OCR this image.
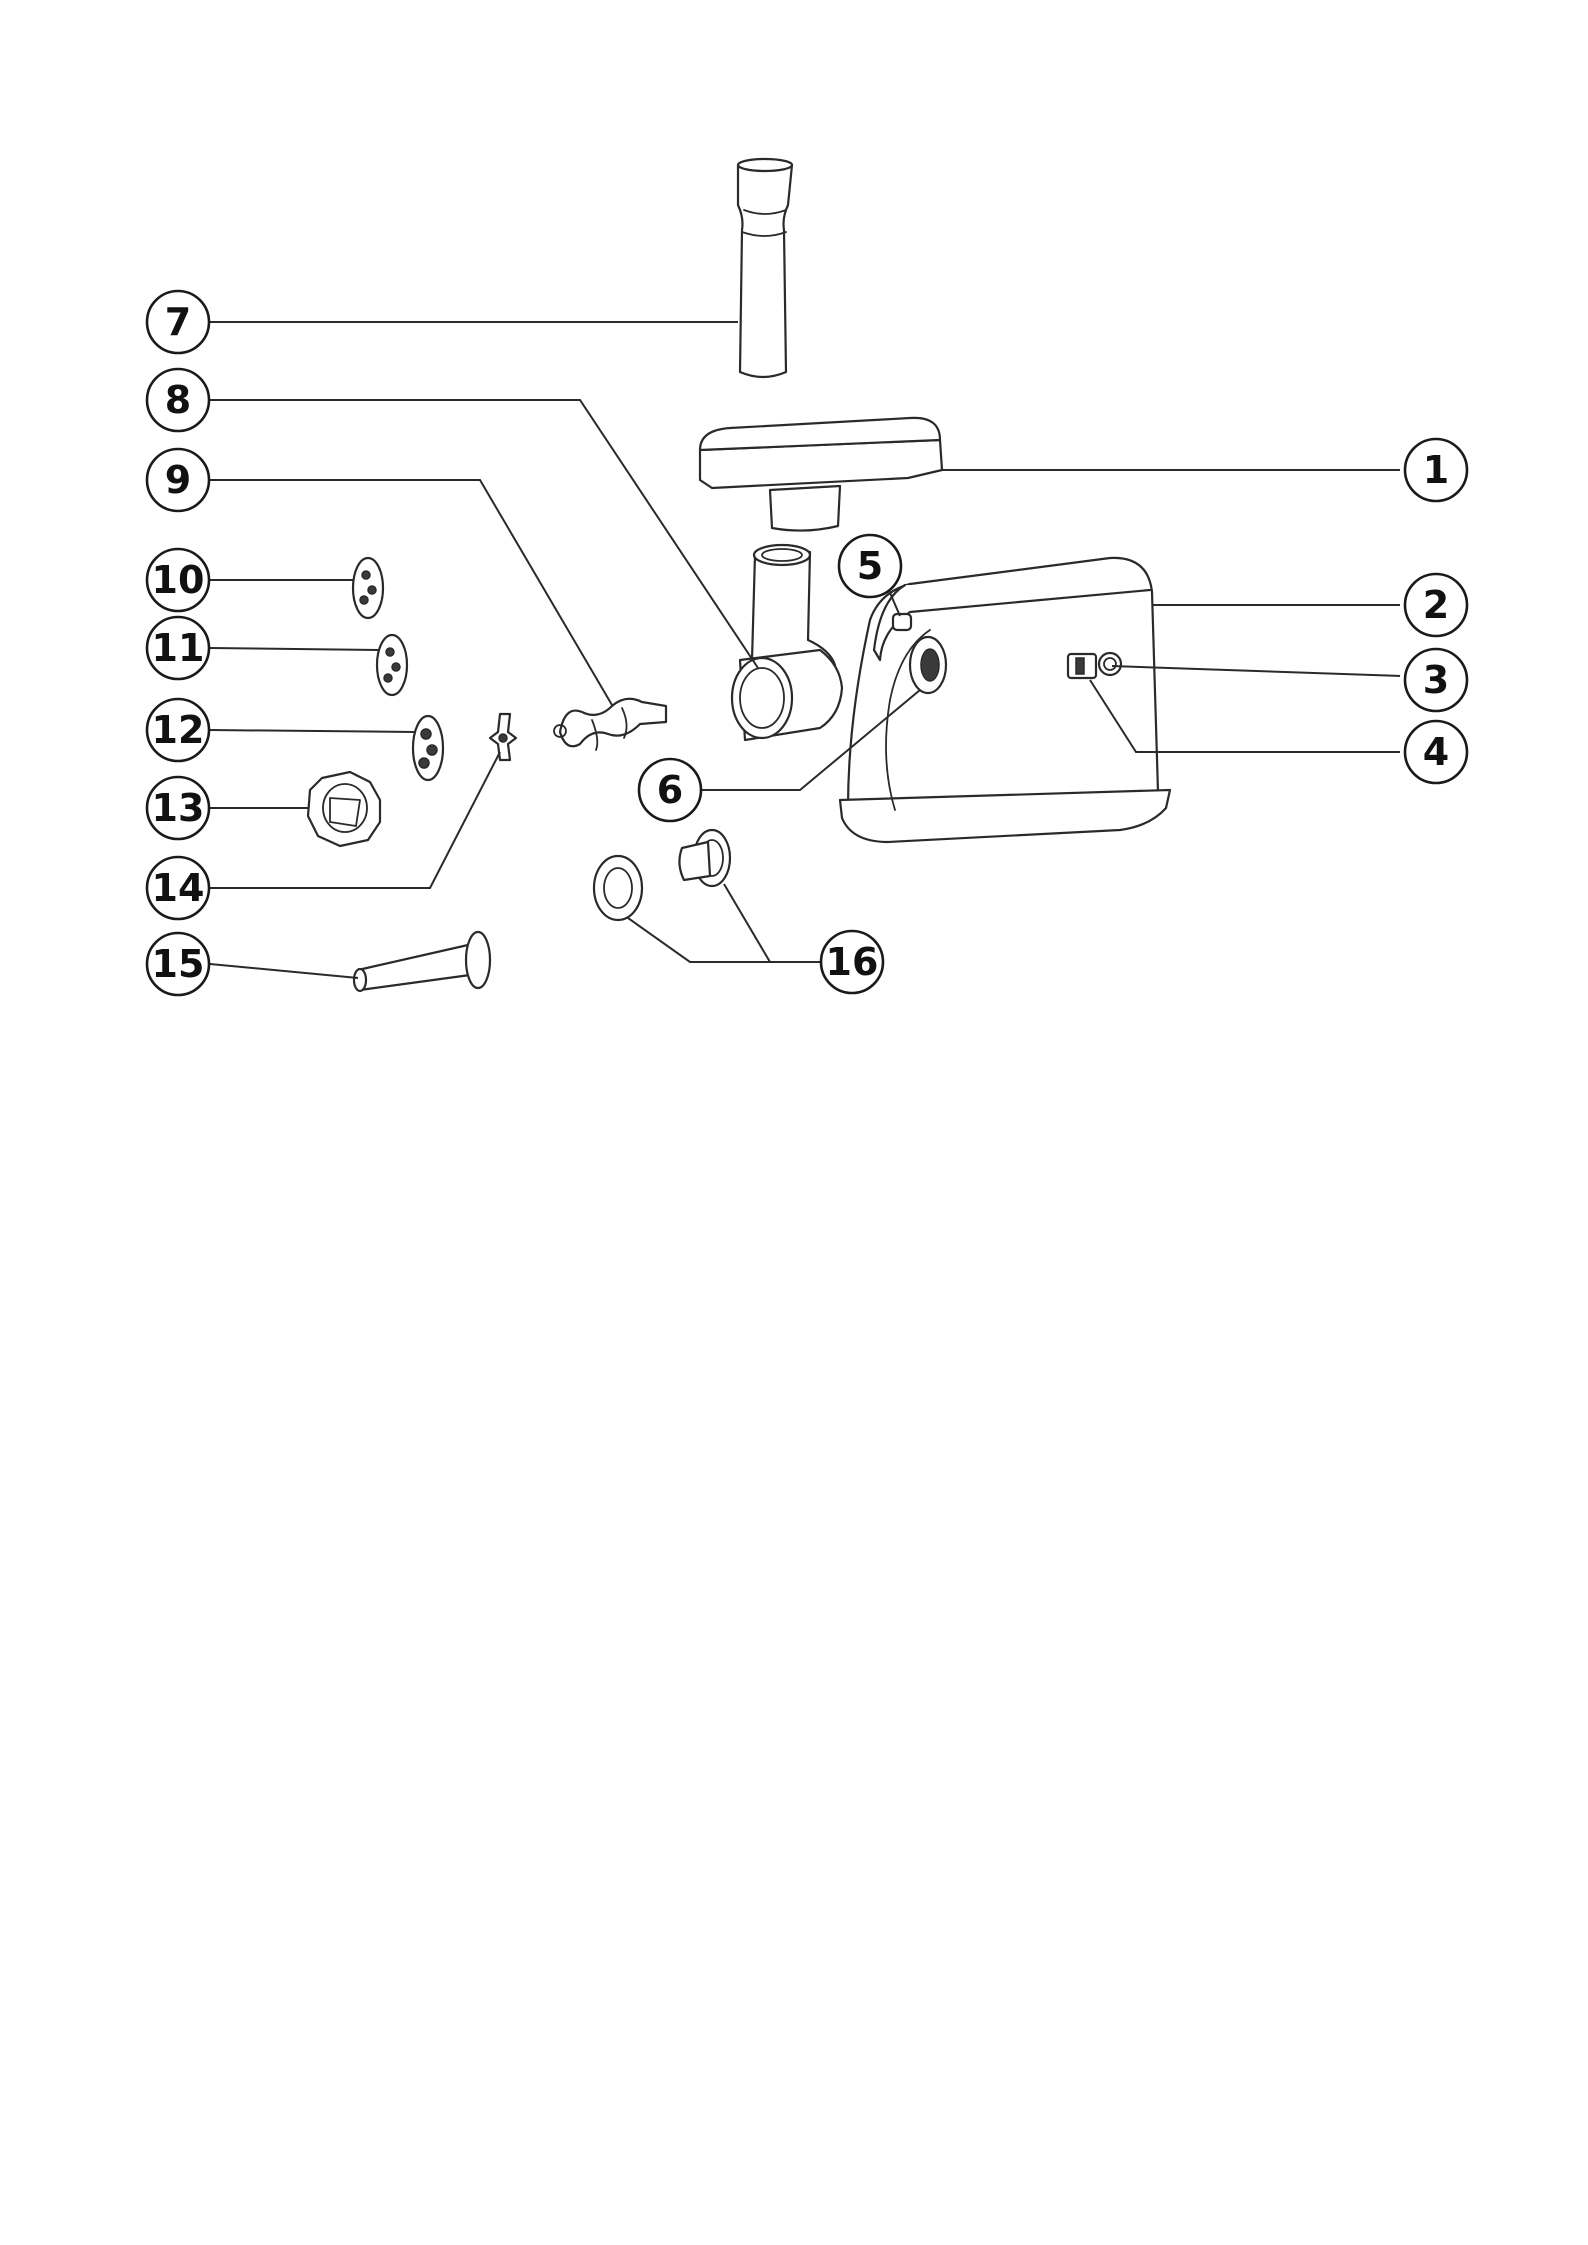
1
2
3
4
5
6
7
8
9
10
11
12
13
14
15	16
